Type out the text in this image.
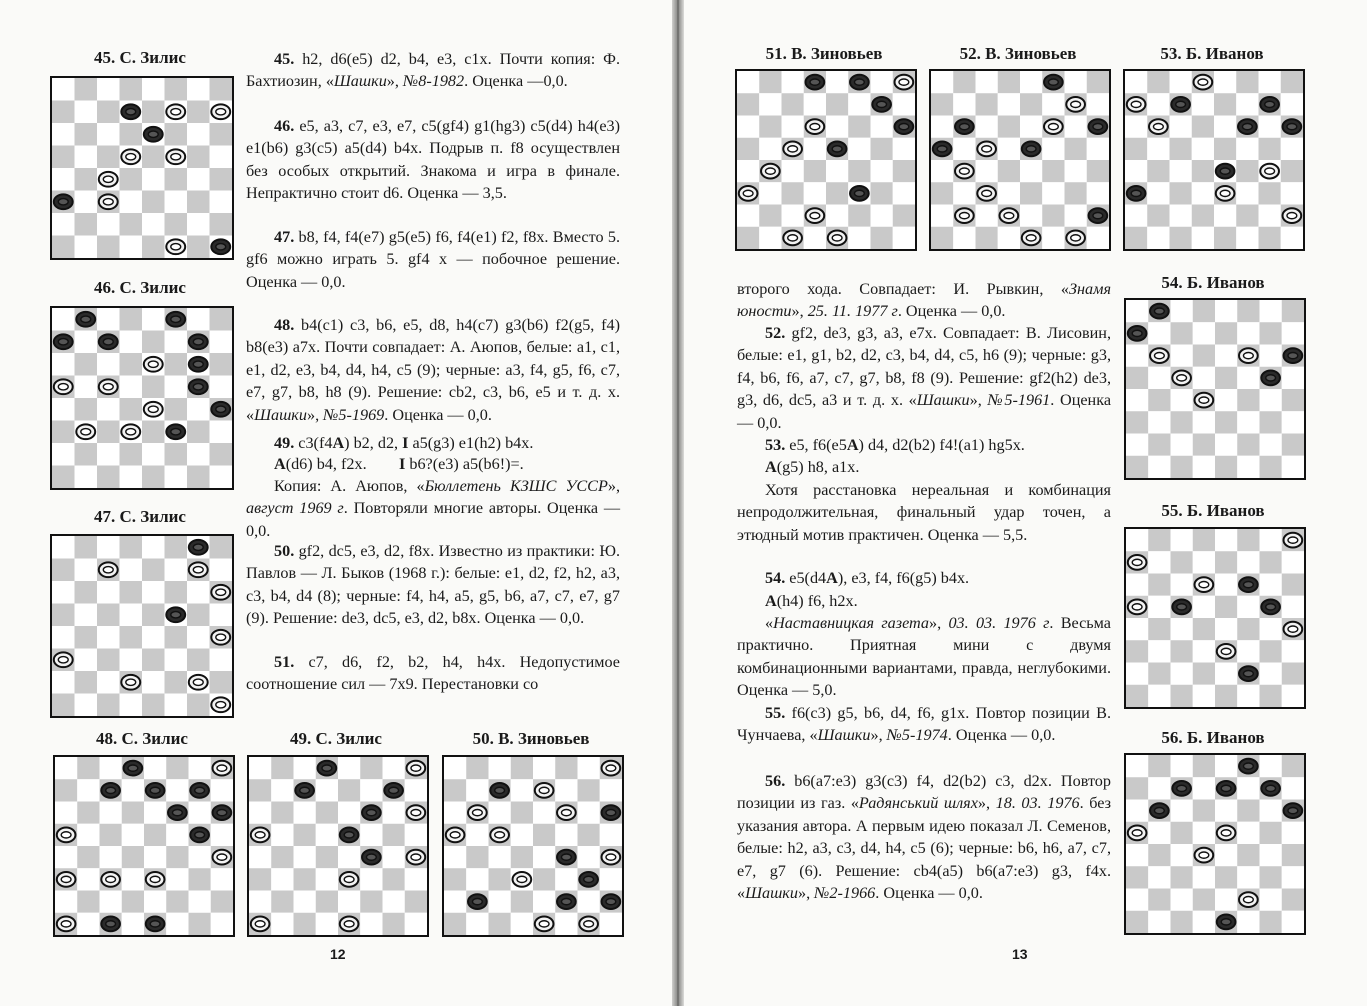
12	13
45. С. Зилис
46. С. Зилис
47. С. Зилис
48. С. Зилис	49. С. Зилис	50. В. Зиновьев
51. В. Зиновьев	52. В. Зиновьев	53. Б. Иванов
54. Б. Иванов
55. Б. Иванов
56. Б. Иванов

45. h2, d6(e5) d2, b4, e3, c1x. Почти копия: Ф. Бахтиозин, «Шашки», №8-1982. Оценка —0,0.

46. e5, a3, c7, e3, e7, c5(gf4) g1(hg3) c5(d4) h4(e3) e1(b6) g3(c5) a5(d4) b4x. Подрыв п. f8 осуществлен без особых открытий. Знакома и игра в финале. Непрактично стоит d6. Оценка — 3,5.

47. b8, f4, f4(e7) g5(e5) f6, f4(e1) f2, f8x. Вместо 5. gf6 можно играть 5. gf4 x — побочное решение. Оценка — 0,0.

48. b4(c1) c3, b6, e5, d8, h4(c7) g3(b6) f2(g5, f4) b8(e3) a7x. Почти совпадает: А. Аюпов, белые: a1, c1, e1, d2, e3, b4, d4, h4, c5 (9); черные: a3, f4, g5, f6, c7, e7, g7, b8, h8 (9). Решение: cb2, c3, b6, e5 и т. д. х. «Шашки», №5-1969. Оценка — 0,0.

49. c3(f4A) b2, d2, I a5(g3) e1(h2) b4x.

A(d6) b4, f2x.        I b6?(e3) a5(b6!)=.

Копия: А. Аюпов, «Бюллетень КЗШС УССР», август 1969 г. Повторяли многие авторы. Оценка — 0,0.

50. gf2, dc5, e3, d2, f8x. Известно из практики: Ю. Павлов — Л. Быков (1968 г.): белые: e1, d2, f2, h2, a3, c3, b4, d4 (8); черные: f4, h4, a5, g5, b6, a7, c7, e7, g7 (9). Решение: de3, dc5, e3, d2, b8x. Оценка — 0,0.

51. c7, d6, f2, b2, h4, h4x. Недопустимое соотношение сил — 7x9. Перестановки со

второго хода. Совпадает: И. Рывкин, «Знамя юности», 25. 11. 1977 г. Оценка — 0,0.

52. gf2, de3, g3, a3, e7x. Совпадает: В. Лисовин, белые: e1, g1, b2, d2, c3, b4, d4, c5, h6 (9); черные: g3, f4, b6, f6, a7, c7, g7, b8, f8 (9). Решение: gf2(h2) de3, g3, d6, dc5, a3 и т. д. х. «Шашки», №5-1961. Оценка — 0,0.

53. e5, f6(e5A) d4, d2(b2) f4!(a1) hg5x.

A(g5) h8, a1x.

Хотя расстановка нереальная и комбинация непродолжительная, финальный удар точен, а этюдный мотив практичен. Оценка — 5,5.

54. e5(d4A), e3, f4, f6(g5) b4x.

A(h4) f6, h2x.

«Наставницкая газета», 03. 03. 1976 г. Весьма практично. Приятная мини с двумя комбинационными вариантами, правда, неглубокими. Оценка — 5,0.

55. f6(c3) g5, b6, d4, f6, g1x. Повтор позиции В. Чунчаева, «Шашки», №5-1974. Оценка — 0,0.

56. b6(a7:e3) g3(c3) f4, d2(b2) c3, d2x. Повтор позиции из газ. «Радянський шлях», 18. 03. 1976. без указания автора. А первым идею показал Л. Семенов, белые: h2, a3, c3, d4, h4, c5 (6); черные: b6, h6, a7, c7, e7, g7 (6). Решение: cb4(a5) b6(a7:e3) g3, f4x. «Шашки», №2-1966. Оценка — 0,0.
